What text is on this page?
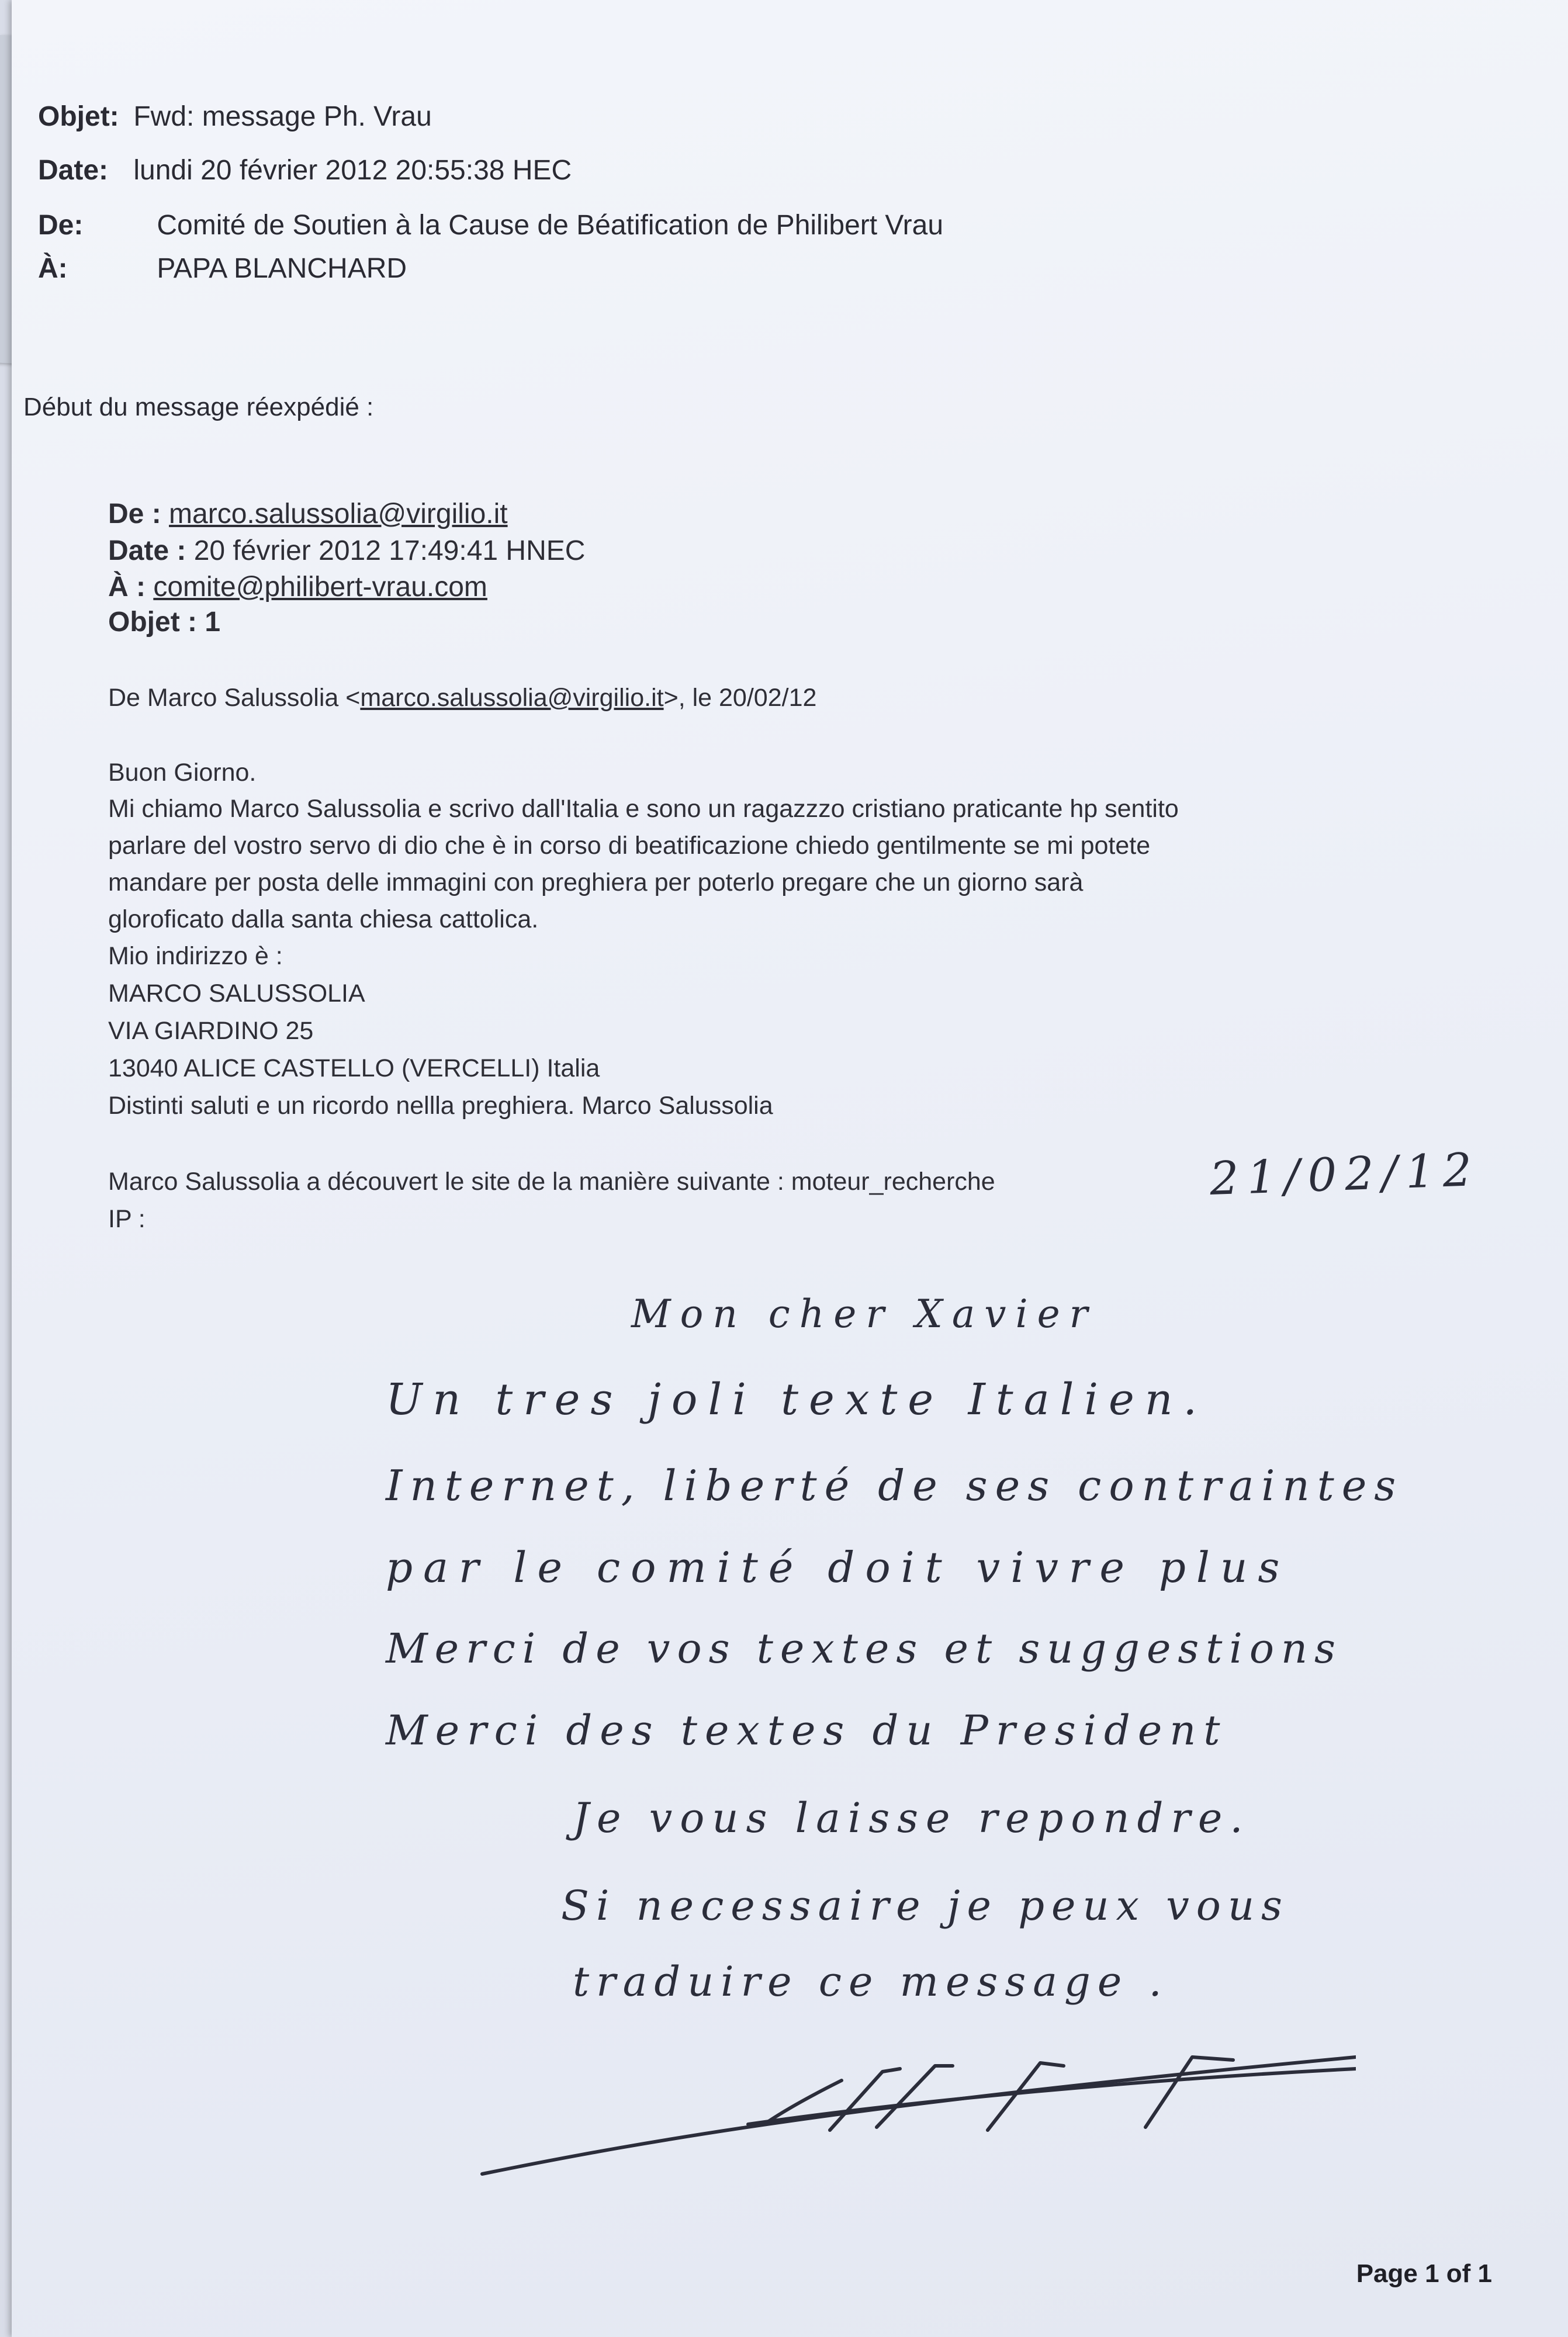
Objet: Fwd: message Ph. Vrau
Date: lundi 20 février 2012 20:55:38 HEC
De:	Comité de Soutien à la Cause de Béatification de Philibert Vrau
À:	PAPA BLANCHARD
Début du message réexpédié :
De : marco.salussolia@virgilio.it
Date : 20 février 2012 17:49:41 HNEC
À : comite@philibert-vrau.com
Objet : 1
De Marco Salussolia <marco.salussolia@virgilio.it>, le 20/02/12
Buon Giorno.
Mi chiamo Marco Salussolia e scrivo dall'Italia e sono un ragazzzo cristiano praticante hp sentito
parlare del vostro servo di dio che è in corso di beatificazione chiedo gentilmente se mi potete
mandare per posta delle immagini con preghiera per poterlo pregare che un giorno sarà
gloroficato dalla santa chiesa cattolica.
Mio indirizzo è :
MARCO SALUSSOLIA
VIA GIARDINO 25
13040 ALICE CASTELLO (VERCELLI) Italia
Distinti saluti e un ricordo nellla preghiera. Marco Salussolia
Marco Salussolia a découvert le site de la manière suivante : moteur_recherche
IP :
21/02/12
Mon cher Xavier
Un tres joli texte Italien.
Internet, liberté de ses contraintes
par le comité doit vivre plus
Merci de vos textes et suggestions
Merci des textes du President
Je vous laisse repondre.
Si necessaire je peux vous
traduire ce message .
Page 1 of 1
